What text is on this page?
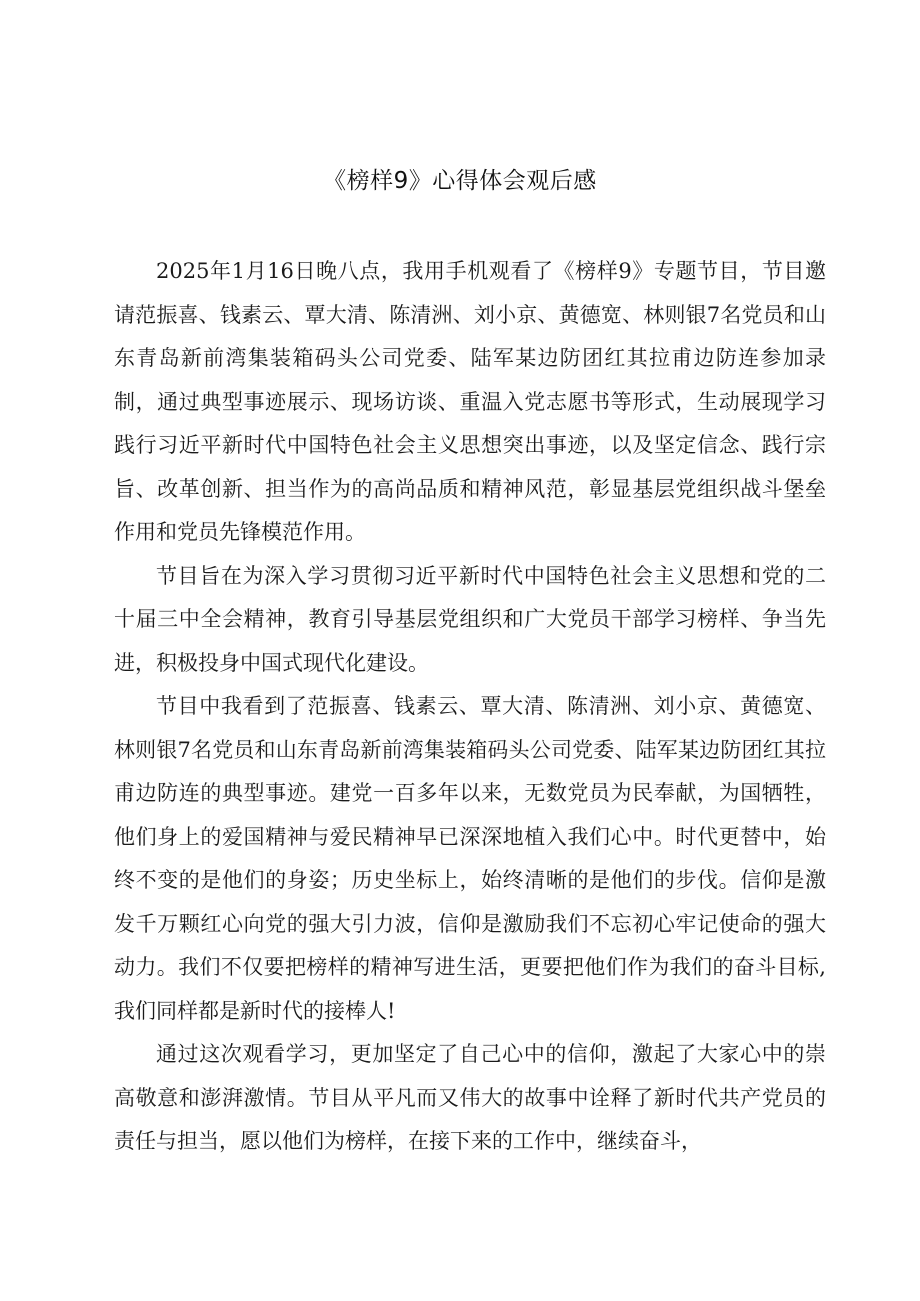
《榜样9》心得体会观后感

2025年1月16日晚八点，我用手机观看了《榜样9》专题节目，节目邀请范振喜、钱素云、覃大清、陈清洲、刘小京、黄德宽、林则银7名党员和山东青岛新前湾集装箱码头公司党委、陆军某边防团红其拉甫边防连参加录制，通过典型事迹展示、现场访谈、重温入党志愿书等形式，生动展现学习践行习近平新时代中国特色社会主义思想突出事迹，以及坚定信念、践行宗旨、改革创新、担当作为的高尚品质和精神风范，彰显基层党组织战斗堡垒作用和党员先锋模范作用。

节目旨在为深入学习贯彻习近平新时代中国特色社会主义思想和党的二十届三中全会精神，教育引导基层党组织和广大党员干部学习榜样、争当先进，积极投身中国式现代化建设。

节目中我看到了范振喜、钱素云、覃大清、陈清洲、刘小京、黄德宽、林则银7名党员和山东青岛新前湾集装箱码头公司党委、陆军某边防团红其拉甫边防连的典型事迹。建党一百多年以来，无数党员为民奉献，为国牺牲，他们身上的爱国精神与爱民精神早已深深地植入我们心中。时代更替中，始终不变的是他们的身姿；历史坐标上，始终清晰的是他们的步伐。信仰是激发千万颗红心向党的强大引力波，信仰是激励我们不忘初心牢记使命的强大动力。我们不仅要把榜样的精神写进生活，更要把他们作为我们的奋斗目标,我们同样都是新时代的接棒人!

通过这次观看学习，更加坚定了自己心中的信仰，激起了大家心中的崇高敬意和澎湃激情。节目从平凡而又伟大的故事中诠释了新时代共产党员的责任与担当，愿以他们为榜样，在接下来的工作中，继续奋斗，
